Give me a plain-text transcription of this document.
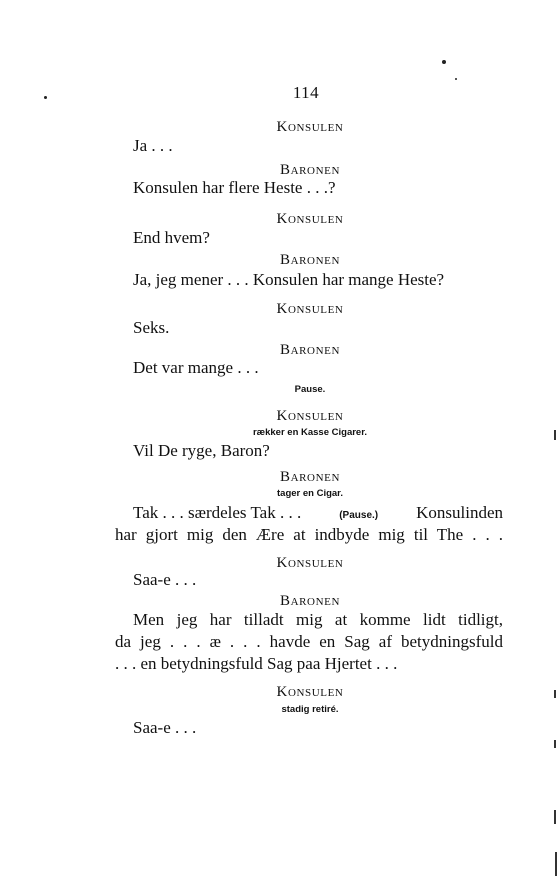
114
Konsulen
Ja . . .
Baronen
Konsulen har flere Heste . . .?
Konsulen
End hvem?
Baronen
Ja, jeg mener . . . Konsulen har mange Heste?
Konsulen
Seks.
Baronen
Det var mange . . .
Pause.
Konsulen
rækker en Kasse Cigarer.
Vil De ryge, Baron?
Baronen
tager en Cigar.
Tak . . . særdeles Tak . . .	(Pause.) Konsulinden
har gjort mig den Ære at indbyde mig til The . . .
Konsulen
Saa-e . . .
Baronen
Men jeg har tilladt mig at komme lidt tidligt,
da jeg . . . æ . . . havde en Sag af betydningsfuld
. . . en betydningsfuld Sag paa Hjertet . . .
Konsulen
stadig retiré.
Saa-e . . .
